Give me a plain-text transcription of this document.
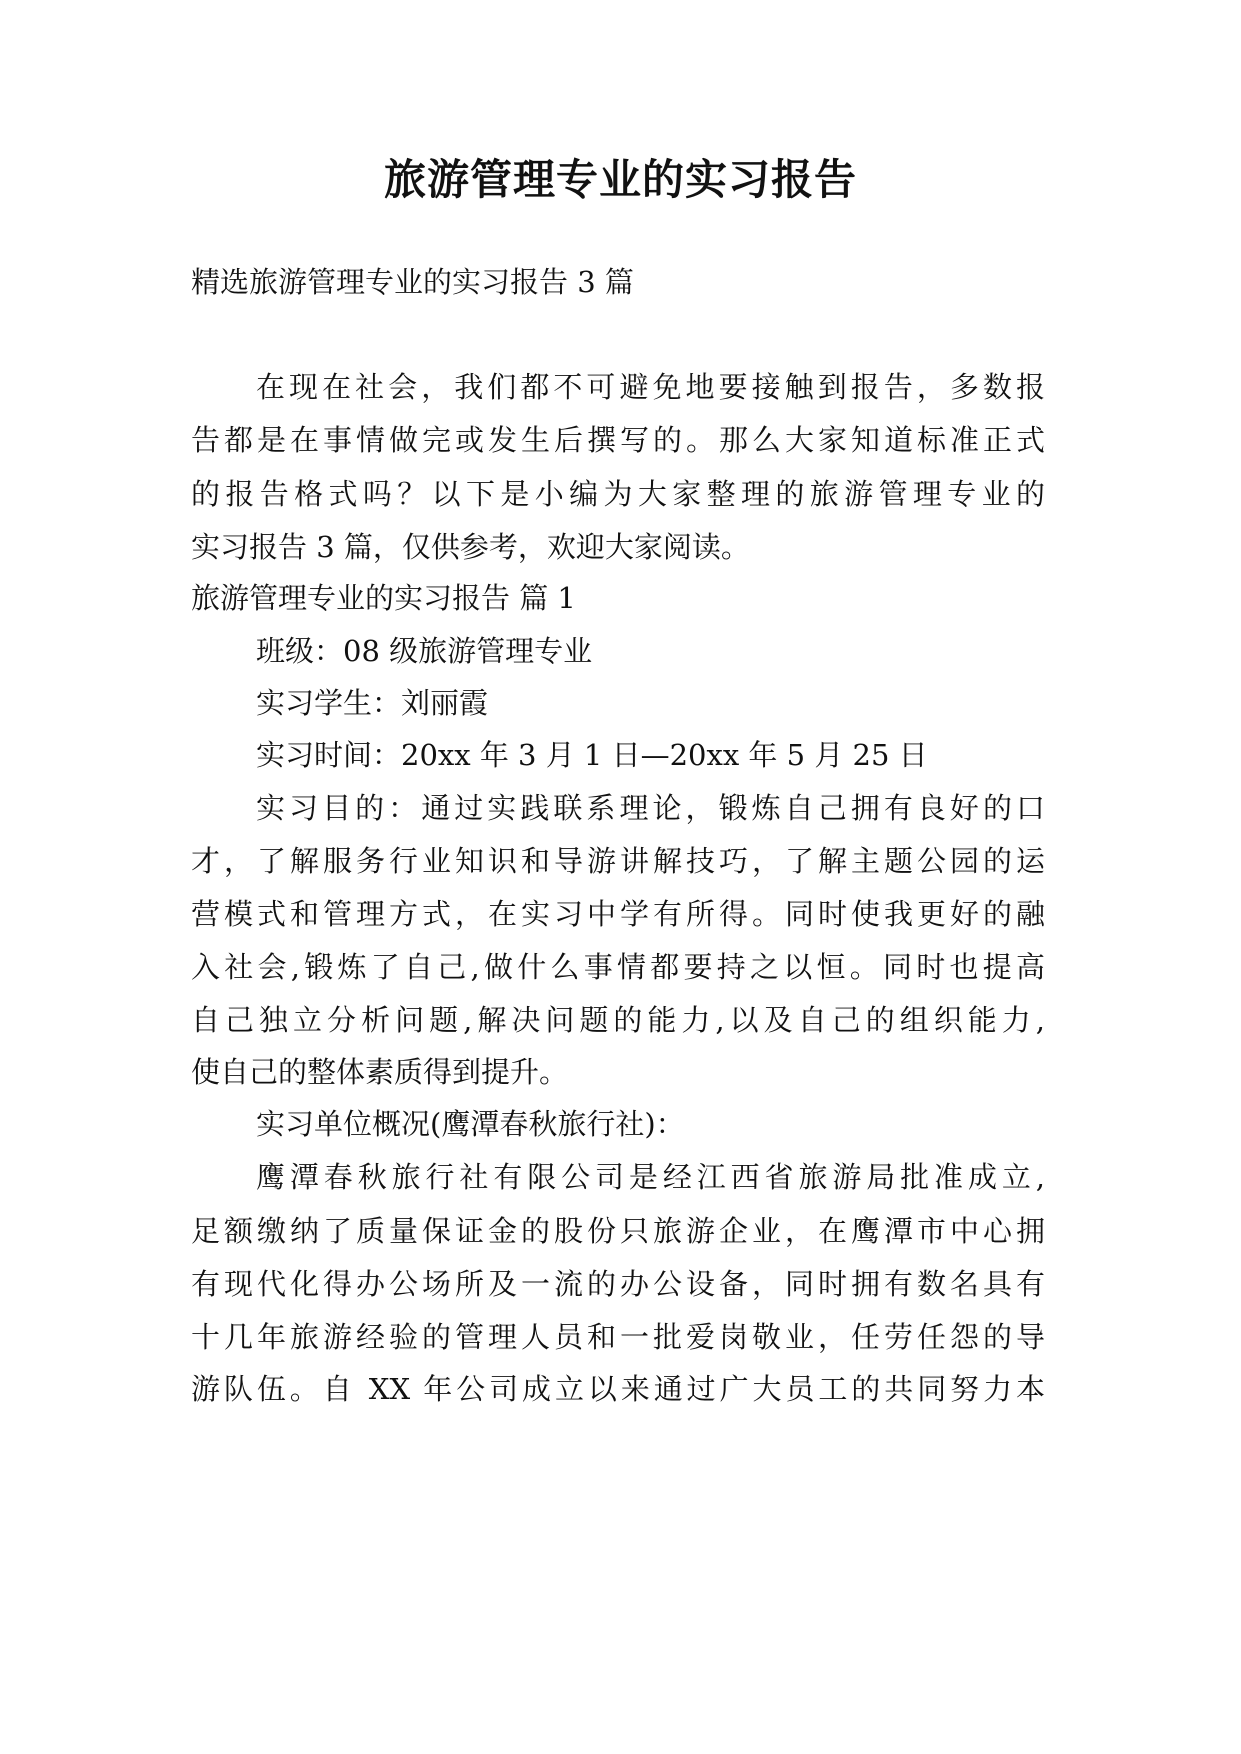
旅游管理专业的实习报告

精选旅游管理专业的实习报告 3 篇

在现在社会，我们都不可避免地要接触到报告，多数报

告都是在事情做完或发生后撰写的。那么大家知道标准正式

的报告格式吗？以下是小编为大家整理的旅游管理专业的

实习报告 3 篇，仅供参考，欢迎大家阅读。

旅游管理专业的实习报告 篇 1

班级：08 级旅游管理专业

实习学生：刘丽霞

实习时间：20xx 年 3 月 1 日—20xx 年 5 月 25 日

实习目的：通过实践联系理论，锻炼自己拥有良好的口

才，了解服务行业知识和导游讲解技巧，了解主题公园的运

营模式和管理方式，在实习中学有所得。同时使我更好的融

入社会,锻炼了自己,做什么事情都要持之以恒。同时也提高

自己独立分析问题,解决问题的能力,以及自己的组织能力,

使自己的整体素质得到提升。

实习单位概况(鹰潭春秋旅行社)：

鹰潭春秋旅行社有限公司是经江西省旅游局批准成立,

足额缴纳了质量保证金的股份只旅游企业，在鹰潭市中心拥

有现代化得办公场所及一流的办公设备，同时拥有数名具有

十几年旅游经验的管理人员和一批爱岗敬业，任劳任怨的导

游队伍。自 XX 年公司成立以来通过广大员工的共同努力本
